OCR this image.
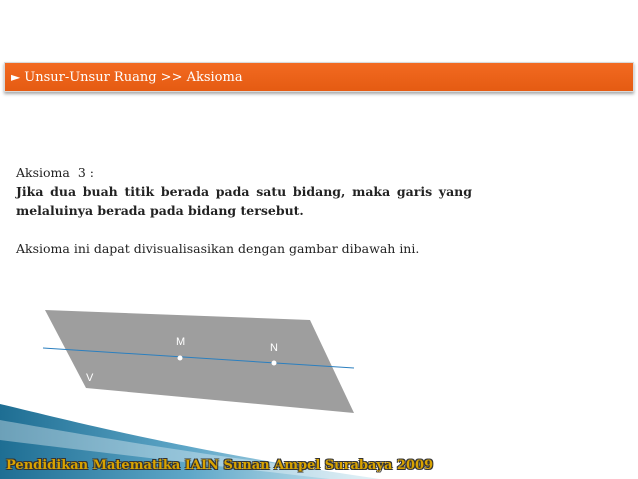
► Unsur-Unsur Ruang >> Aksioma

Aksioma 3 :

Jika dua buah titik berada pada satu bidang, maka garis yang melaluinya berada pada bidang tersebut.

Aksioma ini dapat divisualisasikan dengan gambar dibawah ini.

M	N
V
Pendidikan Matematika IAIN Sunan Ampel Surabaya 2009
